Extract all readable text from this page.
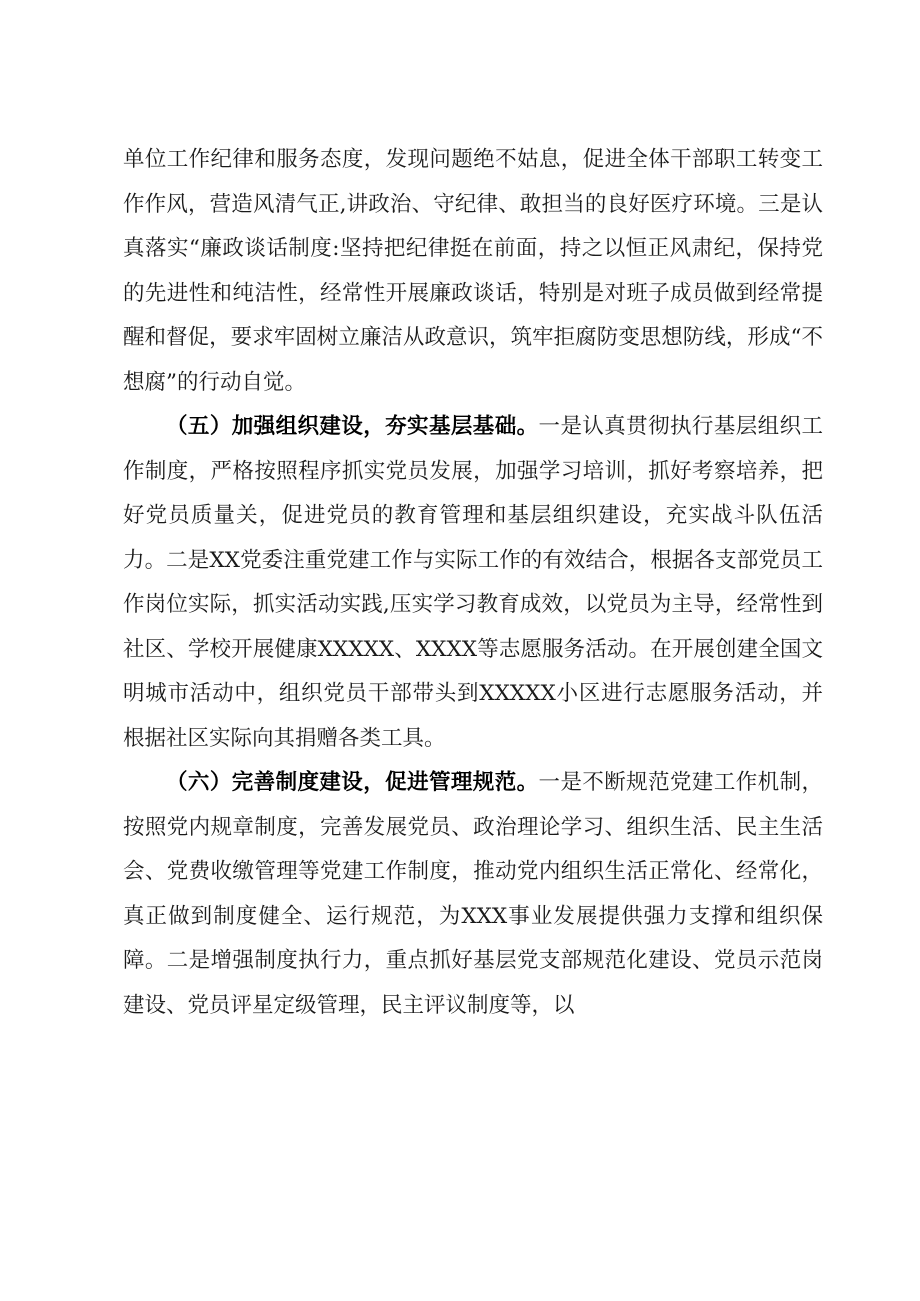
单位工作纪律和服务态度，发现问题绝不姑息，促进全体干部职工转变工作作风，营造风清气正,讲政治、守纪律、敢担当的良好医疗环境。三是认真落实“廉政谈话制度:坚持把纪律挺在前面，持之以恒正风肃纪，保持党的先进性和纯洁性，经常性开展廉政谈话，特别是对班子成员做到经常提醒和督促，要求牢固树立廉洁从政意识，筑牢拒腐防变思想防线，形成“不想腐”的行动自觉。

（五）加强组织建设，夯实基层基础。一是认真贯彻执行基层组织工作制度，严格按照程序抓实党员发展，加强学习培训，抓好考察培养，把好党员质量关，促进党员的教育管理和基层组织建设，充实战斗队伍活力。二是XX党委注重党建工作与实际工作的有效结合，根据各支部党员工作岗位实际，抓实活动实践,压实学习教育成效，以党员为主导，经常性到社区、学校开展健康XXXXX、XXXX等志愿服务活动。在开展创建全国文明城市活动中，组织党员干部带头到XXXXX小区进行志愿服务活动，并根据社区实际向其捐赠各类工具。

（六）完善制度建设，促进管理规范。一是不断规范党建工作机制，按照党内规章制度，完善发展党员、政治理论学习、组织生活、民主生活会、党费收缴管理等党建工作制度，推动党内组织生活正常化、经常化，真正做到制度健全、运行规范，为XXX事业发展提供强力支撑和组织保障。二是增强制度执行力，重点抓好基层党支部规范化建设、党员示范岗建设、党员评星定级管理，民主评议制度等，以
